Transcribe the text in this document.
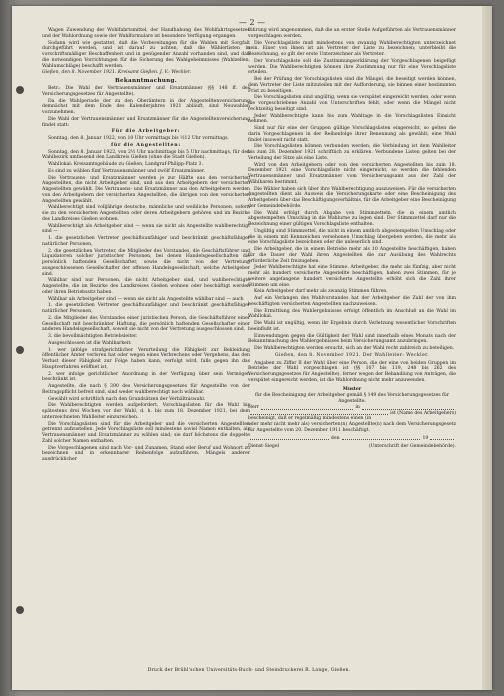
— 2 —

Wagen Zuwendung der Wohlfahrtsmittel, der Handhabung des Wohlfahrtsgesetzes und der Wahlordnung sowie der Wahlformulare ist besondere Verfügung ergangen.

Sodann wird wie gestattet, daß die Vorbereitungen für die Wahlen mit Sorgfalt durchgeführt werden, und ist darauf zu achten, daß die Wählerlisten in vorschriftsmäßiger Beschaffenheit und in genügender Anzahl vorhanden sind, und daß die notwendigen Vorrichtungen für die Sicherung des Wahlgeheimnisses (Wahlzellen, Wahlumschläge) beschafft werden.

Gießen, den 8. November 1921. Kreisamt Gießen. J. V.: Weckler.

Bekanntmachung.

Betr.: Die Wahl der Vertrauensmänner und Ersatzmänner (§§ 148 ff. des Versicherungsgesetzes für Angestellte).

Da die Wahlperiode der zu den Oberämtern in der Angestelltenversicherung demnächst mit dem Ende des Kalenderjahres 1921 abläuft, sind Neuwahlen vorzunehmen.

Die Wahl der Vertrauensmänner und Ersatzmänner für die Angestelltenversicherung findet statt:

Für die Arbeitgeber:

Sonntag, den 8. Januar 1922, von 10 Uhr vormittags bis ½12 Uhr vormittags,

für die Angestellten:

Sonntag, den 8. Januar 1922, von 2½ Uhr nachmittags bis 5 Uhr nachmittags, für den Wahlbezirk umfassend den Landkreis Gießen (ohne die Stadt Gießen).

Wahllokal: Kreisamtsgebäude zu Gießen, Landgraf-Philipp-Platz 3.

Es sind zu wählen fünf Vertrauensmänner und zwölf Ersatzmänner.

Die Vertrauens- und Ersatzmänner werden je zur Hälfte aus den versicherten Angestellten, die nicht Arbeitgeber sind, und aus den Arbeitgebern der versicherten Angestellten gewählt. Die Vertrauens- und Ersatzmänner aus den Arbeitgebern werden von den Arbeitgebern der versicherten Angestellten, die übrigen von den versicherten Angestellten gewählt.

Wahlberechtigt sind volljährige deutsche, männliche und weibliche Personen, sofern sie zu den versicherten Angestellten oder deren Arbeitgebern gehören und im Bezirke des Landkreises Gießen wohnen.

Wahlberechtigt als Arbeitgeber sind — wenn sie nicht als Angestellte wahlberechtigt sind —

1. die gesetzlichen Vertreter geschäftsunfähiger und beschränkt geschäftsfähiger natürlicher Personen,

2. die gesetzlichen Vertreter, die Mitglieder des Vorstandes, die Geschäftsführer und Liquidatoren solcher juristischer Personen, bei denen Handelsgesellschaften die persönlich haftenden Gesellschafter, sowie die nicht von der Vertretung ausgeschlossenen Gesellschafter der offenen Handelsgesellschaft, welche Arbeitgeber sind.

Wählbar sind nur Personen, die nicht Arbeitgeber sind, und wahlberechtigte Angestellte, die im Bezirke des Landkreises Gießen wohnen oder beschäftigt werden oder ihren Betriebssitz haben.

Wählbar als Arbeitgeber sind — wenn sie nicht als Angestellte wählbar sind — auch

1. die gesetzlichen Vertreter geschäftsunfähiger und beschränkt geschäftsfähiger natürlicher Personen,

2. die Mitglieder des Vorstandes einer juristischen Person, die Geschäftsführer einer Gesellschaft mit beschränkter Haftung, die persönlich haftenden Gesellschafter einer anderen Handelsgesellschaft, soweit sie nicht von der Vertretung ausgeschlossen sind,

3. die bevollmächtigten Betriebsleiter.

Ausgeschlossen ist die Wahlbarkeit:

1. wer infolge strafgerichtlicher Verurteilung die Fähigkeit zur Bekleidung öffentlicher Ämter verloren hat oder wegen eines Verbrechens oder Vergehens, das den Verlust dieser Fähigkeit zur Folge haben kann, verfolgt wird, falls gegen ihn das Hauptverfahren eröffnet ist,

2. wer infolge gerichtlicher Anordnung in der Verfügung über sein Vermögen beschränkt ist.

Angestellte, die nach § 390 des Versicherungsgesetzes für Angestellte von der Beitragspflicht befreit sind, sind weder wahlberechtigt noch wählbar.

Gewählt wird schriftlich nach den Grundsätzen der Verhältniswahl.

Die Wahlberechtigten werden aufgefordert, Vorschlagslisten für die Wahl bis spätestens drei Wochen vor der Wahl, d. h. bis zum 18. Dezember 1921, bei dem unterzeichneten Wahlleiter einzureichen.

Die Vorschlagslisten sind für die Arbeitgeber und die versicherten Angestellten getrennt aufzustellen. Jede Vorschlagsliste soll mindestens soviel Namen enthalten, als Vertrauensmänner und Ersatzmänner zu wählen sind; sie darf höchstens die doppelte Zahl solcher Namen enthalten.

Die Vorgeschlagenen sind nach Vor- und Zunamen, Stand oder Beruf und Wohnort zu bezeichnen und in erkennbarer Reihenfolge aufzuführen. Mängels anderer ausdrücklicher

führung wird angenommen, daß die an erster Stelle Aufgeführten als Vertrauensmänner vorgeschlagen werden.

Die Vorschlagsliste muß mindestens von zwanzig Wahlberechtigten unterzeichnet sein. Einer von ihnen ist als Vertreter der Liste zu bezeichnen; unterbleibt die Bezeichnung, so gilt der erste Unterzeichner als Vertreter.

Der Vorschlagsliste soll die Zustimmungserklärung der Vorgeschlagenen beigefügt werden. Die Wahlberechtigten können ihre Zustimmung nur für eine Vorschlagsliste erteilen.

Bei der Prüfung der Vorschlagslisten sind die Mängel, die beseitigt werden können, dem Vertreter der Liste mitzuteilen mit der Aufforderung, sie binnen einer bestimmten Frist zu beseitigen.

Die Vorschlagslisten sind ungültig, wenn sie verspätet eingereicht werden, oder wenn die vorgeschriebene Anzahl von Unterschriften fehlt, oder wenn die Mängel nicht rechtzeitig beseitigt sind.

Jeder Wahlberechtigte kann bis zum Wahltage in die Vorschlagslisten Einsicht nehmen.

Sind nur für eine der Gruppen gültige Vorschlagslisten eingereicht, so gelten die darin Vorgeschlagenen in der Reihenfolge ihrer Benennung als gewählt; eine Wahl findet insoweit nicht statt.

Die Vorschlagslisten können verbunden werden; die Verbindung ist dem Wahlleiter bis zum 28. Dezember 1921 schriftlich zu erklären. Verbundene Listen gelten bei der Verteilung der Sitze als eine Liste.

Wird von den Arbeitgebern oder von den versicherten Angestellten bis zum 18. Dezember 1921 eine Vorschlagsliste nicht eingereicht, so werden die fehlenden Vertrauensmänner und Ersatzmänner vom Versicherungsamt aus der Zahl der Wählbaren bestimmt.

Die Wähler haben sich über ihre Wahlberechtigung auszuweisen. Für die versicherten Angestellten dient als Ausweis die Versicherungskarte oder eine Bescheinigung des Arbeitgebers über das Beschäftigungsverhältnis, für die Arbeitgeber eine Bescheinigung der Gemeindebehörde.

Die Wahl erfolgt durch Abgabe von Stimmzetteln, die in einem amtlich abgestempelten Umschlag in die Wahlurne zu legen sind. Der Stimmzettel darf nur die Bezeichnung einer gültigen Vorschlagsliste enthalten.

Ungültig sind Stimmzettel, die nicht in einem amtlich abgestempelten Umschlag oder die in einem mit Kennzeichen versehenen Umschlag übergeben werden, die mehr als eine Vorschlagsliste bezeichnen oder die unleserlich sind.

Die Arbeitgeber, die in einem Betriebe mehr als 10 Angestellte beschäftigen, haben für die Dauer der Wahl ihren Angestellten die zur Ausübung des Wahlrechts erforderliche Zeit freizugeben.

Jeder Wahlberechtigte hat eine Stimme. Arbeitgeber, die mehr als fünfzig, aber nicht mehr als hundert versicherte Angestellte beschäftigen, haben zwei Stimmen, für je weitere angefangene hundert versicherte Angestellte erhöht sich die Zahl ihrer Stimmen um eine.

Kein Arbeitgeber darf mehr als zwanzig Stimmen führen.

Auf ein Verlangen des Wahlvorstandes hat der Arbeitgeber die Zahl der von ihm beschäftigten versicherten Angestellten nachzuweisen.

Die Ermittlung des Wahlergebnisses erfolgt öffentlich im Anschluß an die Wahl im Wahllokal.

Die Wahl ist ungültig, wenn ihr Ergebnis durch Verletzung wesentlicher Vorschriften beeinflußt ist.

Einwendungen gegen die Gültigkeit der Wahl sind innerhalb eines Monats nach der Bekanntmachung des Wahlergebnisses beim Versicherungsamt anzubringen.

Die Wahlberechtigten werden ersucht, sich an der Wahl recht zahlreich zu beteiligen.

Gießen, den 8. November 1921. Der Wahlleiter: Weckler.

Angaben zu Ziffer II der Wahl über eine Person, die der eine von beiden Gruppen im Betriebe der Wahl vorgeschlagen ist (§§ 107 bis 119, 248 bis 262 des Versicherungsgesetzes für Angestellte), ferner wegen der Behandlung von Anträgen, die verspätet eingereicht werden, ist die Wahlordnung nicht mehr anzuwenden.

Muster
für die Bescheinigung der Arbeitgeber gemäß § 149 des Versicherungsgesetzes für Angestellte.
Herr	in
ist (Name des Arbeitgebers)
bescheinigt, daß er regelmäßig mindestens einen (in
oder mehr nicht mehr als) versicherten(n) Angestellte(n) nach dem Versicherungsgesetz für Angestellte vom 20. Dezember 1911 beschäftigt.
den	19
Dienst-Siegel	(Unterschrift der Gemeindebehörde).
Druck der Brühl'schen Universitäts-Buch- und Steindruckerei R. Lange, Gießen.
